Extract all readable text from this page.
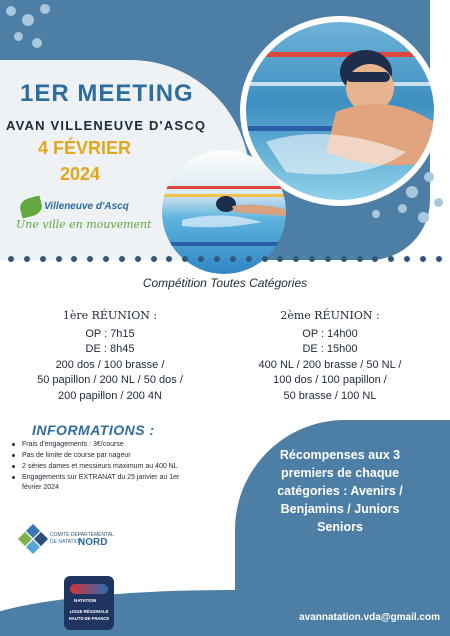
1ER MEETING
AVAN VILLENEUVE D'ASCQ
4 FÉVRIER
2024
Villeneuve d'Ascq
Une ville en mouvement
Compétition Toutes Catégories
1ère RÉUNION :
OP : 7h15
DE : 8h45
200 dos / 100 brasse /
50 papillon / 200 NL / 50 dos /
200 papillon / 200 4N
2ème RÉUNION :
OP : 14h00
DE : 15h00
400 NL / 200 brasse / 50 NL /
100 dos / 100 papillon /
50 brasse / 100 NL
INFORMATIONS :
Frais d'engagements : 3€/course
Pas de limite de course par nageur
2 séries dames et messieurs maximum au 400 NL
Engagements sur EXTRANAT du 25 janvier au 1er février 2024
Récompenses aux 3
premiers de chaque
catégories : Avenirs /
Benjamins / Juniors
Seniors
COMITÉ DÉPARTEMENTAL
DE NATATION
NORD
NATATION
LIGUE RÉGIONALE
HAUTS-DE-FRANCE	avannatation.vda@gmail.com
